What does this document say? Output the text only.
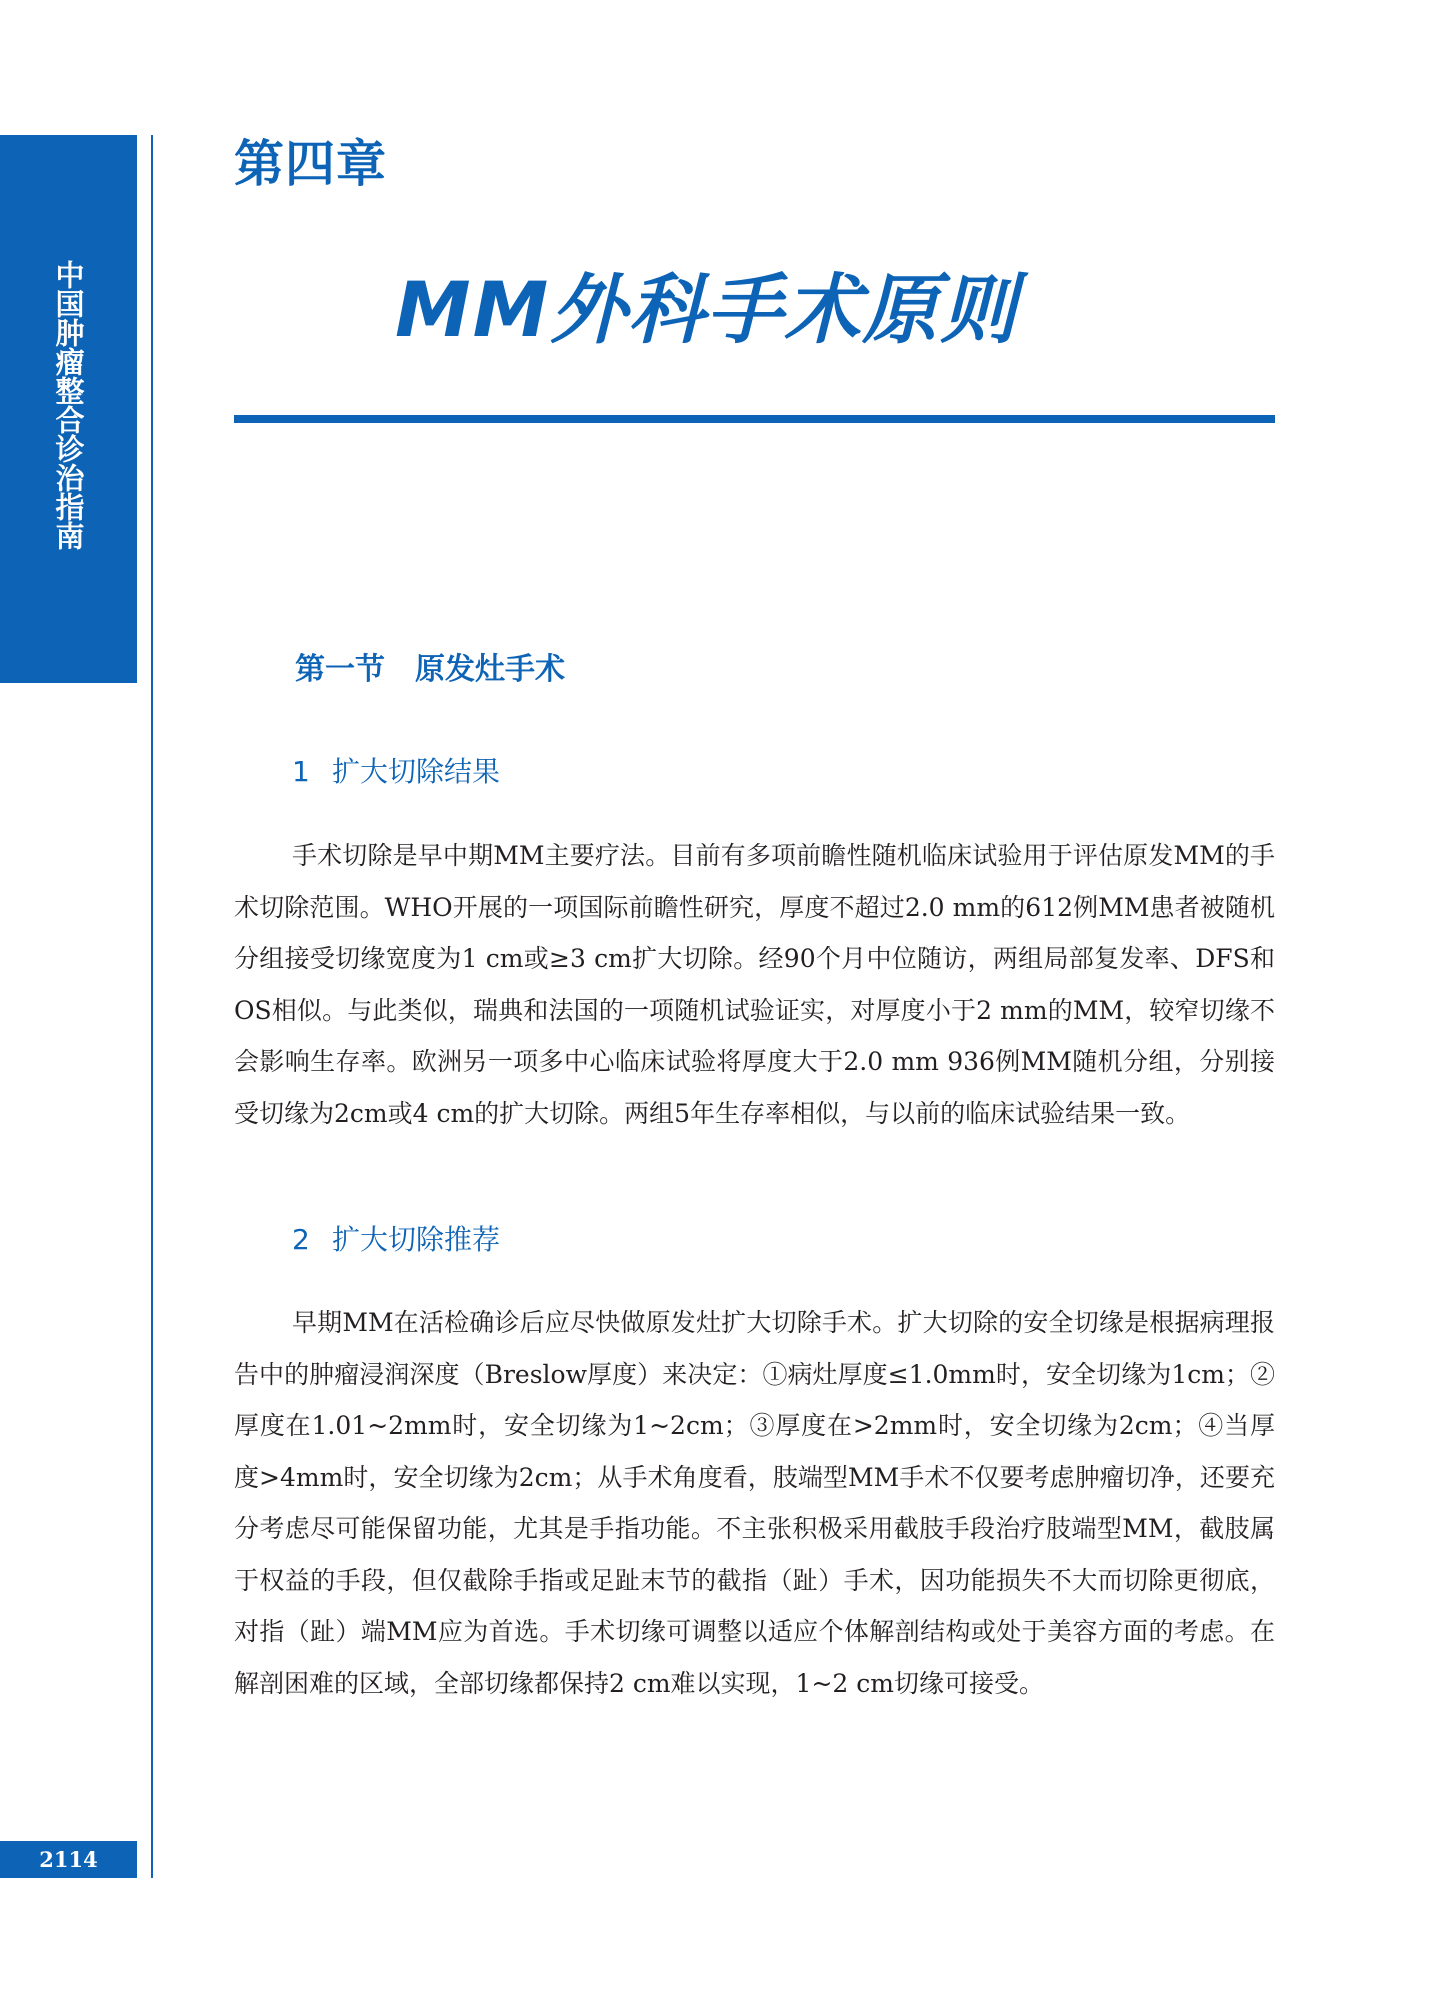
中国肿瘤整合诊治指南
2114
第四章
MM外科手术原则
第一节 原发灶手术
1 扩大切除结果
手术切除是早中期MM主要疗法。目前有多项前瞻性随机临床试验用于评估原发MM的手术切除范围。WHO开展的一项国际前瞻性研究，厚度不超过2.0 mm的612例MM患者被随机分组接受切缘宽度为1 cm或≥3 cm扩大切除。经90个月中位随访，两组局部复发率、DFS和OS相似。与此类似，瑞典和法国的一项随机试验证实，对厚度小于2 mm的MM，较窄切缘不会影响生存率。欧洲另一项多中心临床试验将厚度大于2.0 mm 936例MM随机分组，分别接受切缘为2cm或4 cm的扩大切除。两组5年生存率相似，与以前的临床试验结果一致。
2 扩大切除推荐
早期MM在活检确诊后应尽快做原发灶扩大切除手术。扩大切除的安全切缘是根据病理报告中的肿瘤浸润深度（Breslow厚度）来决定：①病灶厚度≤1.0mm时，安全切缘为1cm；②厚度在1.01~2mm时，安全切缘为1~2cm；③厚度在>2mm时，安全切缘为2cm；④当厚度>4mm时，安全切缘为2cm；从手术角度看，肢端型MM手术不仅要考虑肿瘤切净，还要充分考虑尽可能保留功能，尤其是手指功能。不主张积极采用截肢手段治疗肢端型MM，截肢属于权益的手段，但仅截除手指或足趾末节的截指（趾）手术，因功能损失不大而切除更彻底，对指（趾）端MM应为首选。手术切缘可调整以适应个体解剖结构或处于美容方面的考虑。在解剖困难的区域，全部切缘都保持2 cm难以实现，1~2 cm切缘可接受。
